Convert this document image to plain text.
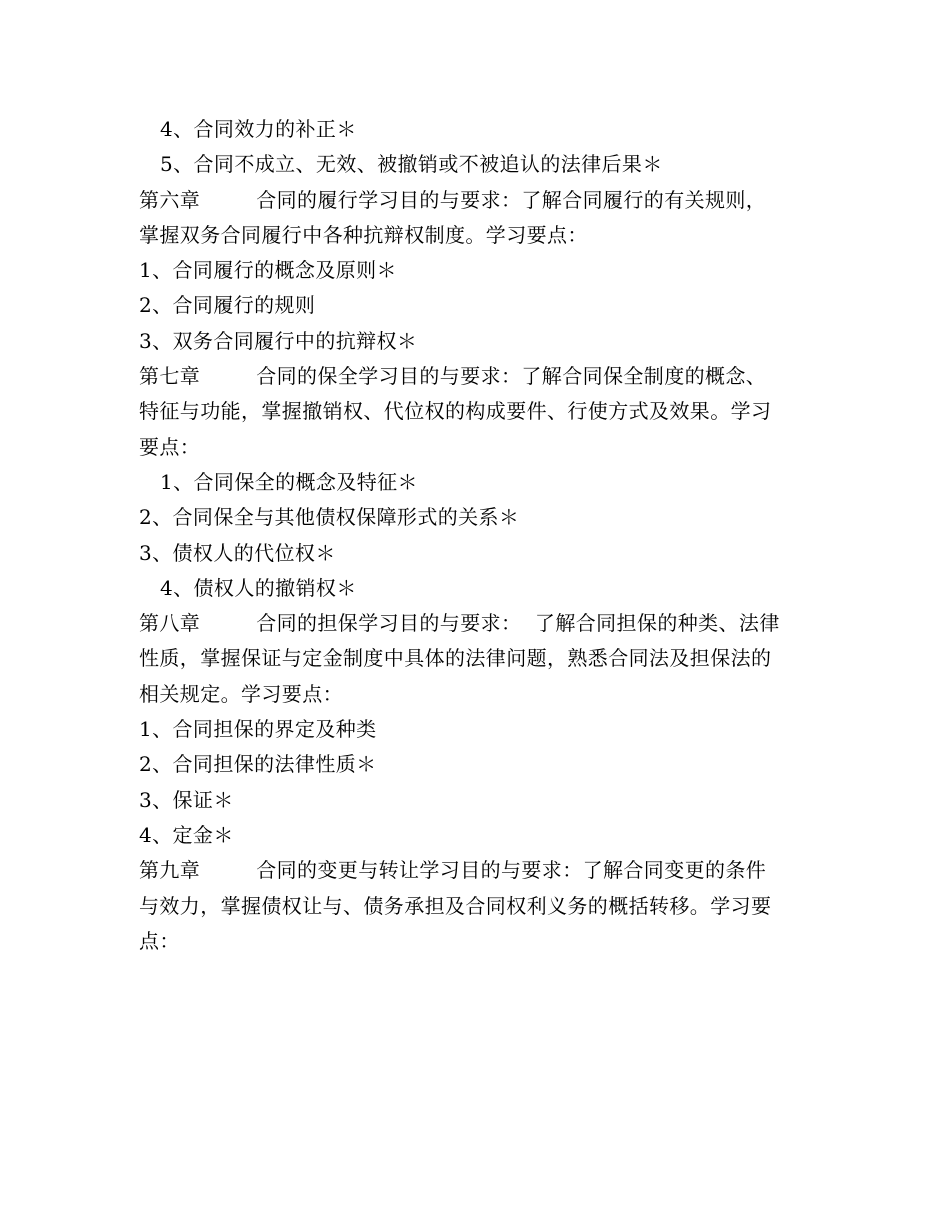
4、合同效力的补正＊
5、合同不成立、无效、被撤销或不被追认的法律后果＊
第六章	合同的履行学习目的与要求：了解合同履行的有关规则，
掌握双务合同履行中各种抗辩权制度。学习要点：
1、合同履行的概念及原则＊
2、合同履行的规则
3、双务合同履行中的抗辩权＊
第七章	合同的保全学习目的与要求：了解合同保全制度的概念、
特征与功能，掌握撤销权、代位权的构成要件、行使方式及效果。学习
要点：
1、合同保全的概念及特征＊
2、合同保全与其他债权保障形式的关系＊
3、债权人的代位权＊
4、债权人的撤销权＊
第八章	合同的担保学习目的与要求：  了解合同担保的种类、法律
性质，掌握保证与定金制度中具体的法律问题，熟悉合同法及担保法的
相关规定。学习要点：
1、合同担保的界定及种类
2、合同担保的法律性质＊
3、保证＊
4、定金＊
第九章	合同的变更与转让学习目的与要求：了解合同变更的条件
与效力，掌握债权让与、债务承担及合同权利义务的概括转移。学习要
点：
